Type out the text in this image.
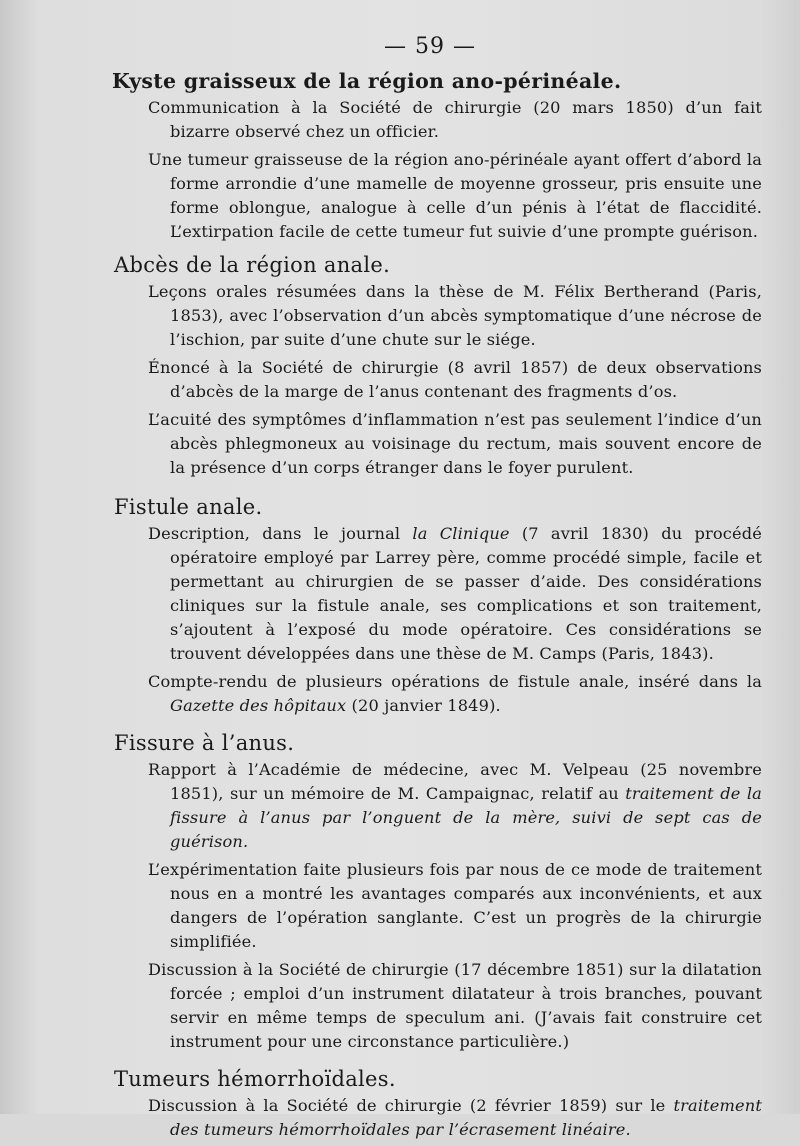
— 59 —
Kyste graisseux de la région ano-périnéale.

Communication à la Société de chirurgie (20 mars 1850) d’un fait bizarre observé chez un officier.

Une tumeur graisseuse de la région ano-périnéale ayant offert d’abord la forme arrondie d’une mamelle de moyenne grosseur, pris ensuite une forme oblongue, analogue à celle d’un pénis à l’état de flaccidité. L’extirpation facile de cette tumeur fut suivie d’une prompte guérison.

Abcès de la région anale.

Leçons orales résumées dans la thèse de M. Félix Bertherand (Paris, 1853), avec l’observation d’un abcès symptomatique d’une nécrose de l’ischion, par suite d’une chute sur le siége.

Énoncé à la Société de chirurgie (8 avril 1857) de deux observations d’abcès de la marge de l’anus contenant des fragments d’os.

L’acuité des symptômes d’inflammation n’est pas seulement l’indice d’un abcès phlegmoneux au voisinage du rectum, mais souvent encore de la présence d’un corps étranger dans le foyer purulent.

Fistule anale.

Description, dans le journal la Clinique (7 avril 1830) du procédé opératoire employé par Larrey père, comme procédé simple, facile et permettant au chirurgien de se passer d’aide. Des considérations cliniques sur la fistule anale, ses complications et son traitement, s’ajoutent à l’exposé du mode opératoire. Ces considérations se trouvent développées dans une thèse de M. Camps (Paris, 1843).

Compte-rendu de plusieurs opérations de fistule anale, inséré dans la Gazette des hôpitaux (20 janvier 1849).

Fissure à l’anus.

Rapport à l’Académie de médecine, avec M. Velpeau (25 novembre 1851), sur un mémoire de M. Campaignac, relatif au traitement de la fissure à l’anus par l’onguent de la mère, suivi de sept cas de guérison.

L’expérimentation faite plusieurs fois par nous de ce mode de traitement nous en a montré les avantages comparés aux inconvénients, et aux dangers de l’opération sanglante. C’est un progrès de la chirurgie simplifiée.

Discussion à la Société de chirurgie (17 décembre 1851) sur la dilatation forcée ; emploi d’un instrument dilatateur à trois branches, pouvant servir en même temps de speculum ani. (J’avais fait construire cet instrument pour une circonstance particulière.)

Tumeurs hémorrhoïdales.

Discussion à la Société de chirurgie (2 février 1859) sur le traitement des tumeurs hémorrhoïdales par l’écrasement linéaire.
